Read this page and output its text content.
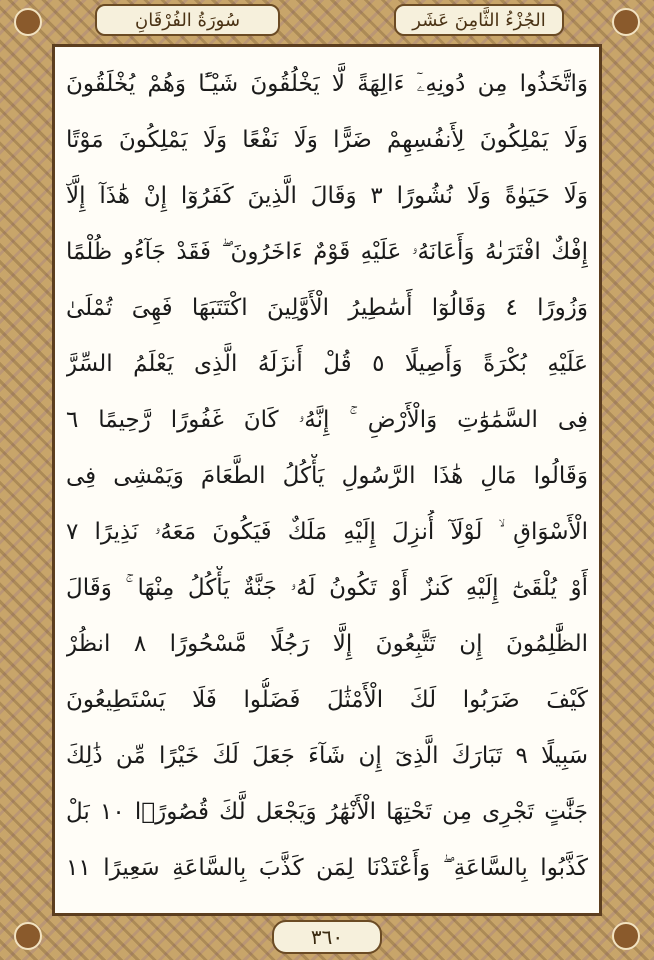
سُورَةُ الفُرْقَانِ	الجُزْءُ الثَّامِنَ عَشَر
وَاتَّخَذُوا مِن دُونِهِۦٓ ءَالِهَةً لَّا يَخْلُقُونَ شَيْـًٔا وَهُمْ يُخْلَقُونَ
وَلَا يَمْلِكُونَ لِأَنفُسِهِمْ ضَرًّا وَلَا نَفْعًا وَلَا يَمْلِكُونَ مَوْتًا
وَلَا حَيَوٰةً وَلَا نُشُورًا ٣ وَقَالَ الَّذِينَ كَفَرُوٓا إِنْ هَٰذَآ إِلَّآ
إِفْكٌ افْتَرَىٰهُ وَأَعَانَهُۥ عَلَيْهِ قَوْمٌ ءَاخَرُونَ ۖ فَقَدْ جَآءُو ظُلْمًا
وَزُورًا ٤ وَقَالُوٓا أَسَٰطِيرُ الْأَوَّلِينَ اكْتَتَبَهَا فَهِىَ تُمْلَىٰ
عَلَيْهِ بُكْرَةً وَأَصِيلًا ٥ قُلْ أَنزَلَهُ الَّذِى يَعْلَمُ السِّرَّ
فِى السَّمَٰوَٰتِ وَالْأَرْضِ ۚ إِنَّهُۥ كَانَ غَفُورًا رَّحِيمًا ٦
وَقَالُوا مَالِ هَٰذَا الرَّسُولِ يَأْكُلُ الطَّعَامَ وَيَمْشِى فِى
الْأَسْوَاقِ ۙ لَوْلَآ أُنزِلَ إِلَيْهِ مَلَكٌ فَيَكُونَ مَعَهُۥ نَذِيرًا ٧
أَوْ يُلْقَىٰٓ إِلَيْهِ كَنزٌ أَوْ تَكُونُ لَهُۥ جَنَّةٌ يَأْكُلُ مِنْهَا ۚ وَقَالَ
الظَّٰلِمُونَ إِن تَتَّبِعُونَ إِلَّا رَجُلًا مَّسْحُورًا ٨ انظُرْ
كَيْفَ ضَرَبُوا لَكَ الْأَمْثَٰلَ فَضَلُّوا فَلَا يَسْتَطِيعُونَ
سَبِيلًا ٩ تَبَارَكَ الَّذِىٓ إِن شَآءَ جَعَلَ لَكَ خَيْرًا مِّن ذَٰلِكَ
جَنَّٰتٍ تَجْرِى مِن تَحْتِهَا الْأَنْهَٰرُ وَيَجْعَل لَّكَ قُصُورًۢا ١٠ بَلْ
كَذَّبُوا بِالسَّاعَةِ ۖ وَأَعْتَدْنَا لِمَن كَذَّبَ بِالسَّاعَةِ سَعِيرًا ١١
٣٦٠
